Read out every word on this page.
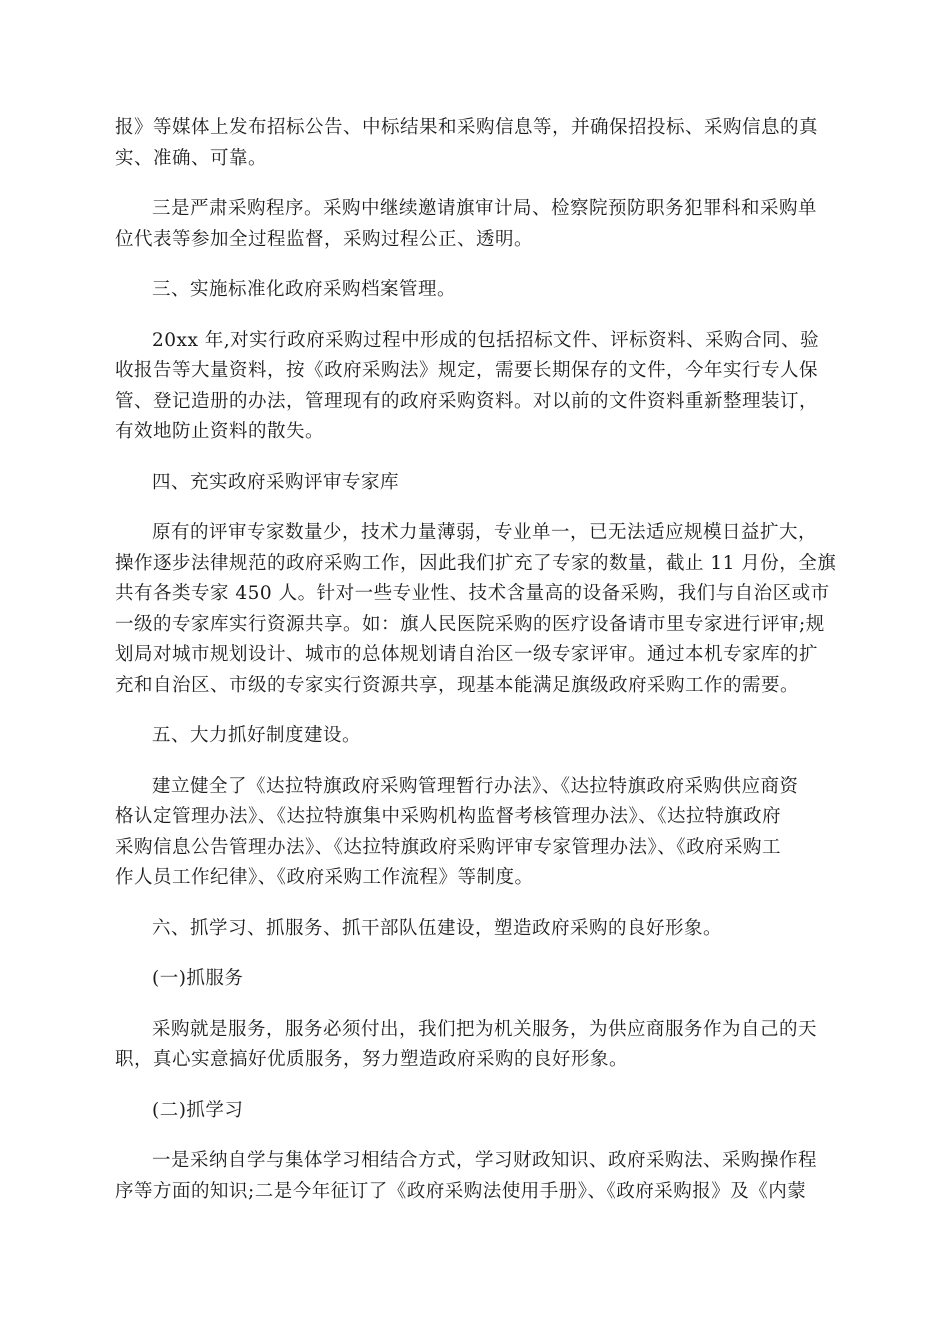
报》等媒体上发布招标公告、中标结果和采购信息等，并确保招投标、采购信息的真
实、准确、可靠。
三是严肃采购程序。采购中继续邀请旗审计局、检察院预防职务犯罪科和采购单
位代表等参加全过程监督，采购过程公正、透明。
三、实施标准化政府采购档案管理。
20xx 年,对实行政府采购过程中形成的包括招标文件、评标资料、采购合同、验
收报告等大量资料，按《政府采购法》规定，需要长期保存的文件，今年实行专人保
管、登记造册的办法，管理现有的政府采购资料。对以前的文件资料重新整理装订，
有效地防止资料的散失。
四、充实政府采购评审专家库
原有的评审专家数量少，技术力量薄弱，专业单一，已无法适应规模日益扩大，
操作逐步法律规范的政府采购工作，因此我们扩充了专家的数量，截止 11 月份，全旗
共有各类专家 450 人。针对一些专业性、技术含量高的设备采购，我们与自治区或市
一级的专家库实行资源共享。如：旗人民医院采购的医疗设备请市里专家进行评审;规
划局对城市规划设计、城市的总体规划请自治区一级专家评审。通过本机专家库的扩
充和自治区、市级的专家实行资源共享，现基本能满足旗级政府采购工作的需要。
五、大力抓好制度建设。
建立健全了《达拉特旗政府采购管理暂行办法》、《达拉特旗政府采购供应商资
格认定管理办法》、《达拉特旗集中采购机构监督考核管理办法》、《达拉特旗政府
采购信息公告管理办法》、《达拉特旗政府采购评审专家管理办法》、《政府采购工
作人员工作纪律》、《政府采购工作流程》等制度。
六、抓学习、抓服务、抓干部队伍建设，塑造政府采购的良好形象。
(一)抓服务
采购就是服务，服务必须付出，我们把为机关服务，为供应商服务作为自己的天
职，真心实意搞好优质服务，努力塑造政府采购的良好形象。
(二)抓学习
一是采纳自学与集体学习相结合方式，学习财政知识、政府采购法、采购操作程
序等方面的知识;二是今年征订了《政府采购法使用手册》、《政府采购报》及《内蒙
